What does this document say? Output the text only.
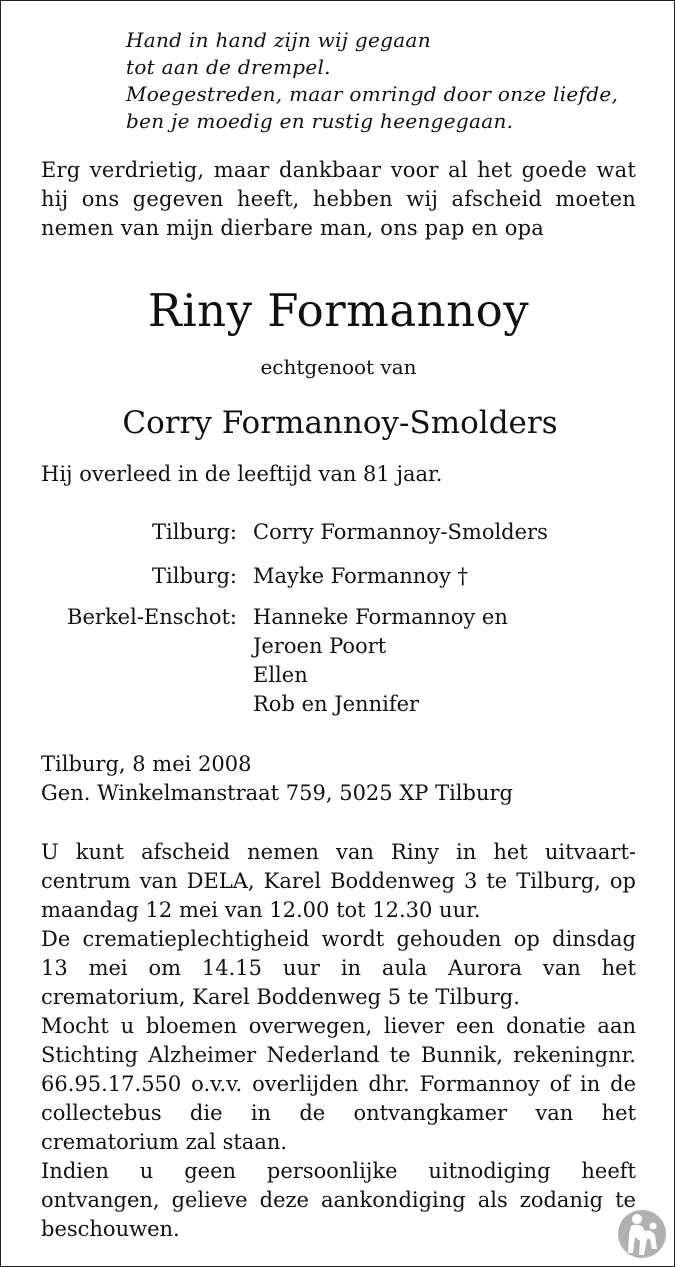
Hand in hand zijn wij gegaan
tot aan de drempel.
Moegestreden, maar omringd door onze liefde,
ben je moedig en rustig heengegaan.
Erg verdrietig, maar dankbaar voor al het goede wat hij ons gegeven heeft, hebben wij afscheid moeten nemen van mijn dierbare man, ons pap en opa
Riny Formannoy
echtgenoot van
Corry Formannoy-Smolders
Hij overleed in de leeftijd van 81 jaar.
Tilburg: Corry Formannoy-Smolders
Tilburg: Mayke Formannoy †
Berkel-Enschot: Hanneke Formannoy en
Jeroen Poort
Ellen
Rob en Jennifer
Tilburg, 8 mei 2008
Gen. Winkelmanstraat 759, 5025 XP Tilburg

U kunt afscheid nemen van Riny in het uitvaart-centrum van DELA, Karel Boddenweg 3 te Tilburg, op maandag 12 mei van 12.00 tot 12.30 uur.

De crematieplechtigheid wordt gehouden op dinsdag 13 mei om 14.15 uur in aula Aurora van het crematorium, Karel Boddenweg 5 te Tilburg.

Mocht u bloemen overwegen, liever een donatie aan Stichting Alzheimer Nederland te Bunnik, rekeningnr. 66.95.17.550 o.v.v. overlijden dhr. Formannoy of in de collectebus die in de ontvangkamer van het crematorium zal staan.

Indien u geen persoonlijke uitnodiging heeft ontvangen, gelieve deze aankondiging als zodanig te beschouwen.
